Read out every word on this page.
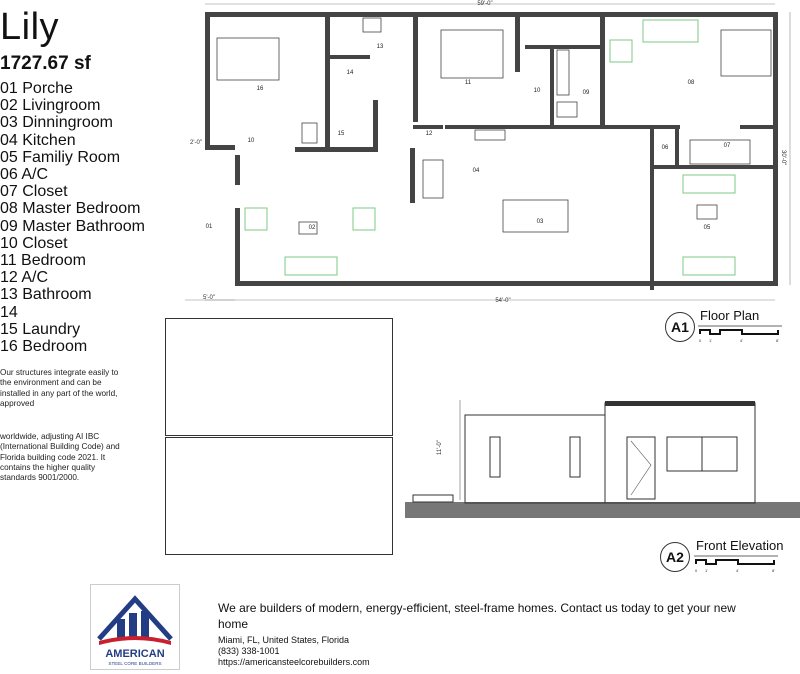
Lily
1727.67 sf
01 Porche
02 Livingroom
03 Dinningroom
04 Kitchen
05 Familiy Room
06 A/C
07 Closet
08 Master Bedroom
09 Master Bathroom
10 Closet
11 Bedroom
12 A/C
13 Bathroom
14
15 Laundry
16 Bedroom
Our structures integrate easily to the environment and can be installed in any part of the world, approved
worldwide, adjusting AI IBC (International Building Code) and Florida building code 2021. It contains the higher quality standards 9001/2000.
59'-0"
54'-0"
5'-0"
2'-0"
30'-0"
16
13
14
11
10	09
08
10
15	12
06	07
04
03
01	02	05
A1
Floor Plan
0 1'	4'	8'
11'-0"
A2
Front Elevation
0 1'	4'	8'
AMERICAN
STEEL CORE BUILDERS
We are builders of modern, energy-efficient, steel-frame homes. Contact us today to get your new home
Miami, FL, United States, Florida
(833) 338-1001
https://americansteelcorebuilders.com
